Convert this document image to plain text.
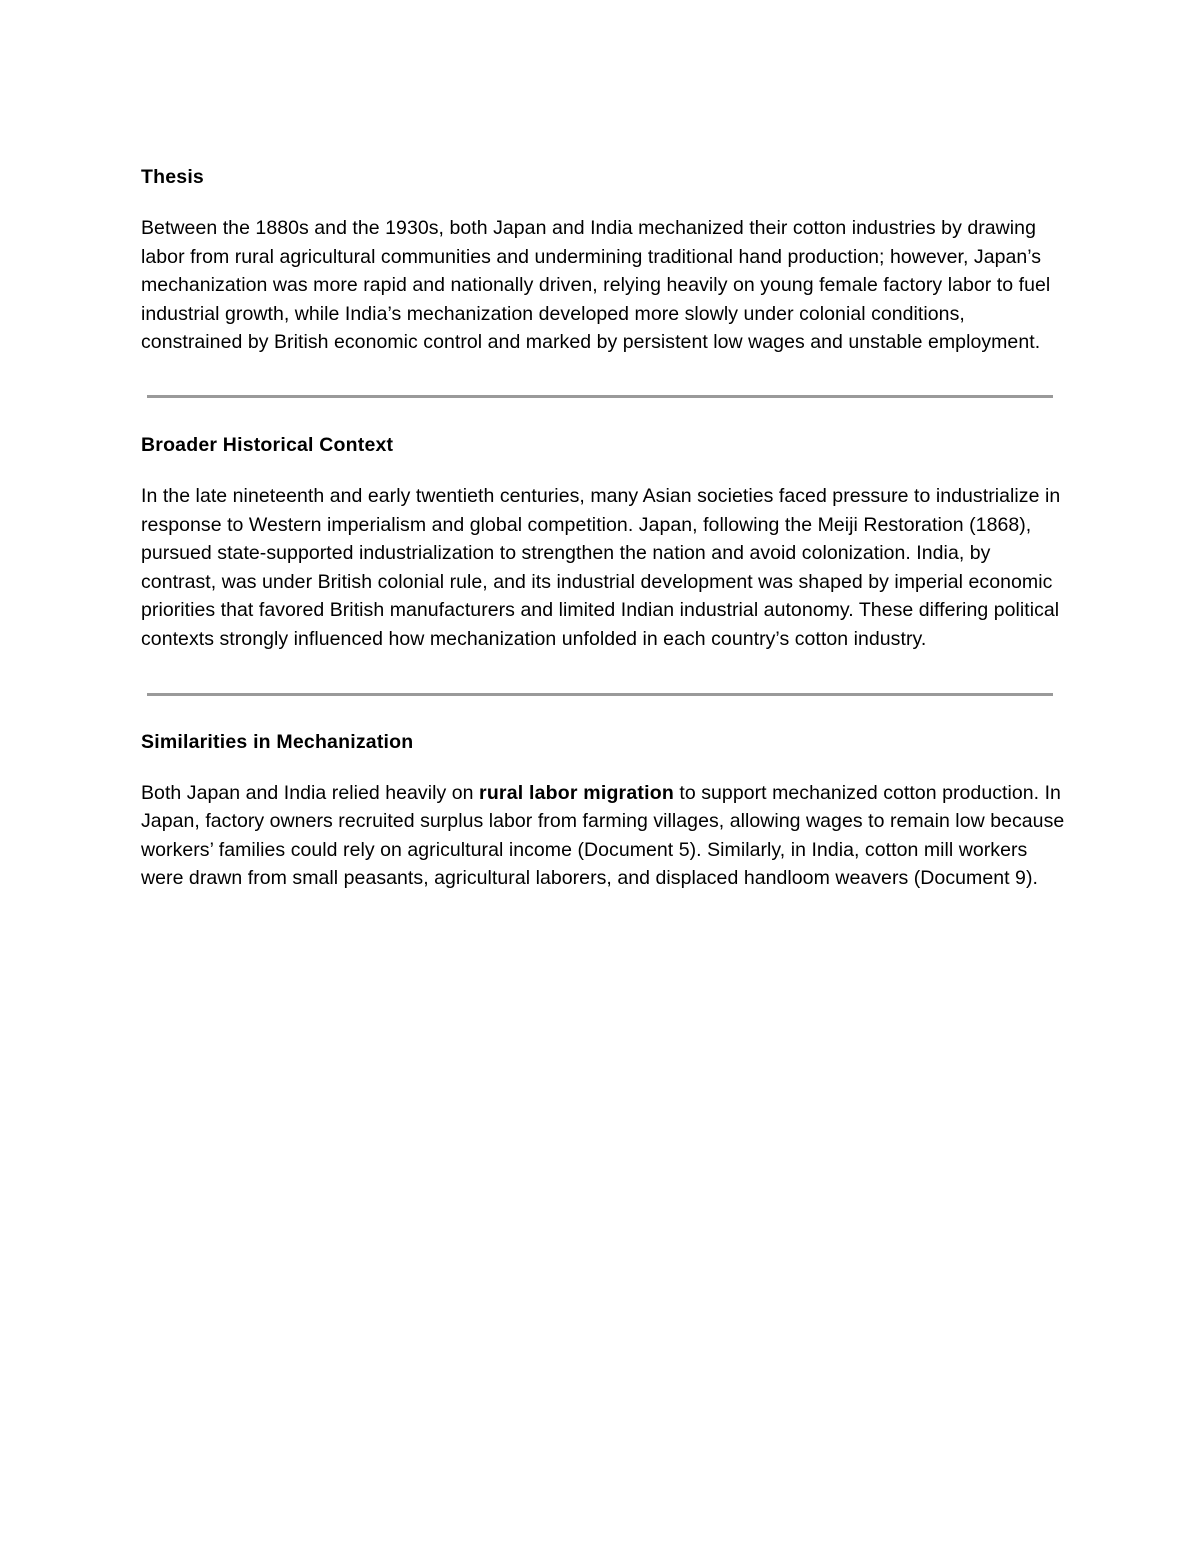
Thesis

Between the 1880s and the 1930s, both Japan and India mechanized their cotton industries by drawing labor from rural agricultural communities and undermining traditional hand production; however, Japan’s mechanization was more rapid and nationally driven, relying heavily on young female factory labor to fuel industrial growth, while India’s mechanization developed more slowly under colonial conditions, constrained by British economic control and marked by persistent low wages and unstable employment.

Broader Historical Context

In the late nineteenth and early twentieth centuries, many Asian societies faced pressure to industrialize in response to Western imperialism and global competition. Japan, following the Meiji Restoration (1868), pursued state-supported industrialization to strengthen the nation and avoid colonization. India, by contrast, was under British colonial rule, and its industrial development was shaped by imperial economic priorities that favored British manufacturers and limited Indian industrial autonomy. These differing political contexts strongly influenced how mechanization unfolded in each country’s cotton industry.

Similarities in Mechanization

Both Japan and India relied heavily on rural labor migration to support mechanized cotton production. In Japan, factory owners recruited surplus labor from farming villages, allowing wages to remain low because workers’ families could rely on agricultural income (Document 5). Similarly, in India, cotton mill workers were drawn from small peasants, agricultural laborers, and displaced handloom weavers (Document 9).
